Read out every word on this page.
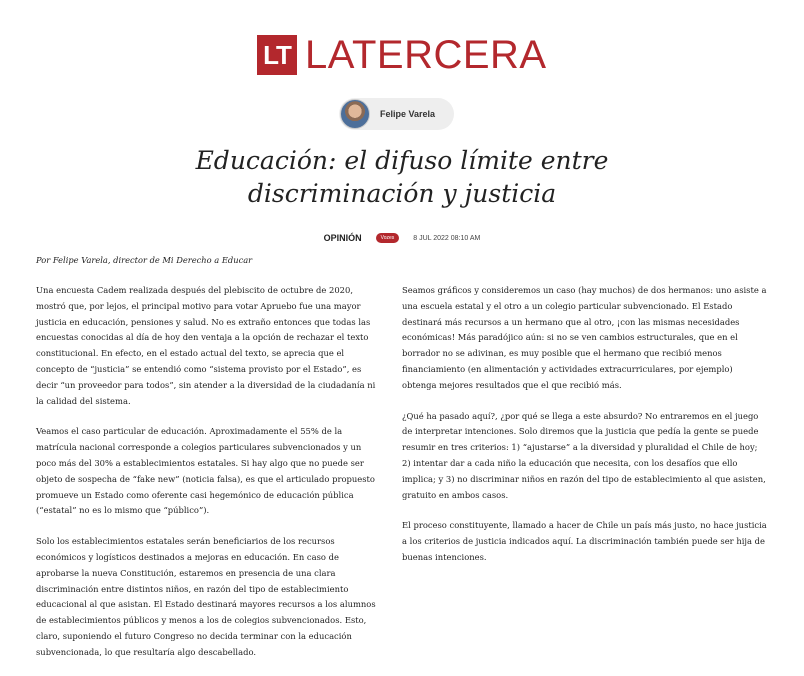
LT LATERCERA
Felipe Varela
Educación: el difuso límite entre discriminación y justicia
OPINIÓN	Vozes	8 JUL 2022 08:10 AM
Por Felipe Varela, director de Mi Derecho a Educar

Una encuesta Cadem realizada después del plebiscito de octubre de 2020, mostró que, por lejos, el principal motivo para votar Apruebo fue una mayor justicia en educación, pensiones y salud. No es extraño entonces que todas las encuestas conocidas al día de hoy den ventaja a la opción de rechazar el texto constitucional. En efecto, en el estado actual del texto, se aprecia que el concepto de “justicia” se entendió como “sistema provisto por el Estado”, es decir “un proveedor para todos”, sin atender a la diversidad de la ciudadanía ni la calidad del sistema.

Veamos el caso particular de educación. Aproximadamente el 55% de la matrícula nacional corresponde a colegios particulares subvencionados y un poco más del 30% a establecimientos estatales. Si hay algo que no puede ser objeto de sospecha de “fake new” (noticia falsa), es que el articulado propuesto promueve un Estado como oferente casi hegemónico de educación pública (“estatal” no es lo mismo que “público”).

Solo los establecimientos estatales serán beneficiarios de los recursos económicos y logísticos destinados a mejoras en educación. En caso de aprobarse la nueva Constitución, estaremos en presencia de una clara discriminación entre distintos niños, en razón del tipo de establecimiento educacional al que asistan. El Estado destinará mayores recursos a los alumnos de establecimientos públicos y menos a los de colegios subvencionados. Esto, claro, suponiendo el futuro Congreso no decida terminar con la educación subvencionada, lo que resultaría algo descabellado.

Seamos gráficos y consideremos un caso (hay muchos) de dos hermanos: uno asiste a una escuela estatal y el otro a un colegio particular subvencionado. El Estado destinará más recursos a un hermano que al otro, ¡con las mismas necesidades económicas! Más paradójico aún: si no se ven cambios estructurales, que en el borrador no se adivinan, es muy posible que el hermano que recibió menos financiamiento (en alimentación y actividades extracurriculares, por ejemplo) obtenga mejores resultados que el que recibió más.

¿Qué ha pasado aquí?, ¿por qué se llega a este absurdo? No entraremos en el juego de interpretar intenciones. Solo diremos que la justicia que pedía la gente se puede resumir en tres criterios: 1) “ajustarse” a la diversidad y pluralidad el Chile de hoy; 2) intentar dar a cada niño la educación que necesita, con los desafíos que ello implica; y 3) no discriminar niños en razón del tipo de establecimiento al que asisten, gratuito en ambos casos.

El proceso constituyente, llamado a hacer de Chile un país más justo, no hace justicia a los criterios de justicia indicados aquí. La discriminación también puede ser hija de buenas intenciones.
